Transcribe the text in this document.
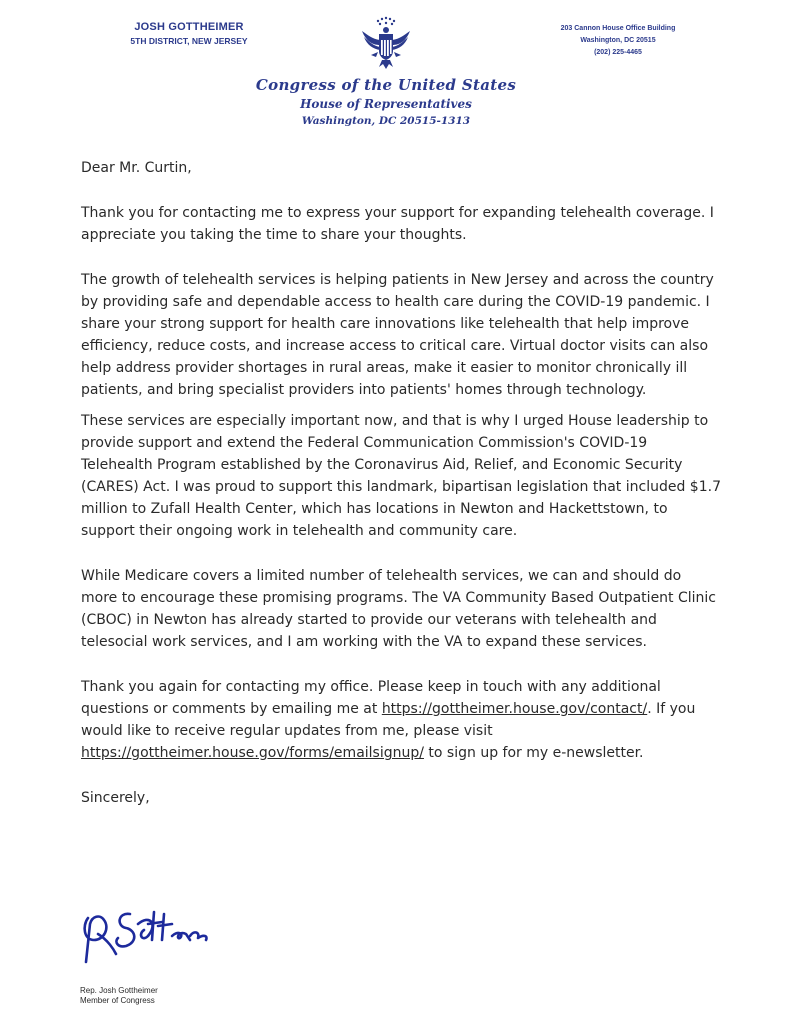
JOSH GOTTHEIMER
5TH DISTRICT, NEW JERSEY
203 Cannon House Office Building
Washington, DC 20515
(202) 225-4465
Congress of the United States
House of Representatives
Washington, DC 20515-1313

Dear Mr. Curtin,

Thank you for contacting me to express your support for expanding telehealth coverage. I appreciate you taking the time to share your thoughts.

The growth of telehealth services is helping patients in New Jersey and across the country by providing safe and dependable access to health care during the COVID-19 pandemic. I share your strong support for health care innovations like telehealth that help improve efficiency, reduce costs, and increase access to critical care. Virtual doctor visits can also help address provider shortages in rural areas, make it easier to monitor chronically ill patients, and bring specialist providers into patients' homes through technology.

These services are especially important now, and that is why I urged House leadership to provide support and extend the Federal Communication Commission's COVID-19 Telehealth Program established by the Coronavirus Aid, Relief, and Economic Security (CARES) Act. I was proud to support this landmark, bipartisan legislation that included $1.7 million to Zufall Health Center, which has locations in Newton and Hackettstown, to support their ongoing work in telehealth and community care.

While Medicare covers a limited number of telehealth services, we can and should do more to encourage these promising programs. The VA Community Based Outpatient Clinic (CBOC) in Newton has already started to provide our veterans with telehealth and telesocial work services, and I am working with the VA to expand these services.

Thank you again for contacting my office. Please keep in touch with any additional questions or comments by emailing me at https://gottheimer.house.gov/contact/. If you would like to receive regular updates from me, please visit https://gottheimer.house.gov/forms/emailsignup/ to sign up for my e-newsletter.

Sincerely,

Rep. Josh Gottheimer
Member of Congress
